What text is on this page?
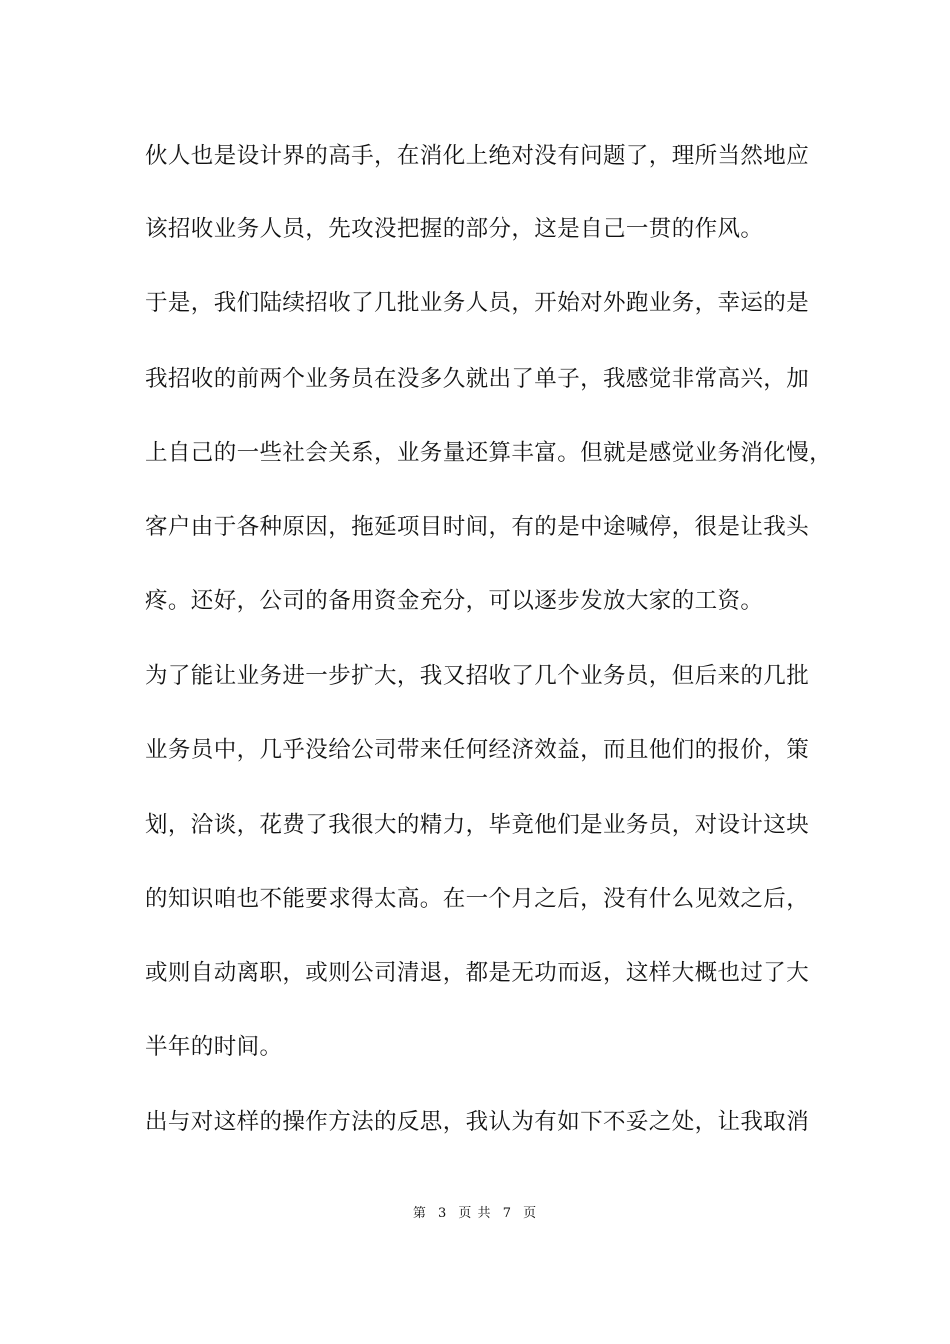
伙人也是设计界的高手，在消化上绝对没有问题了，理所当然地应
该招收业务人员，先攻没把握的部分，这是自己一贯的作风。
于是，我们陆续招收了几批业务人员，开始对外跑业务，幸运的是
我招收的前两个业务员在没多久就出了单子，我感觉非常高兴，加
上自己的一些社会关系，业务量还算丰富。但就是感觉业务消化慢，
客户由于各种原因，拖延项目时间，有的是中途喊停，很是让我头
疼。还好，公司的备用资金充分，可以逐步发放大家的工资。
为了能让业务进一步扩大，我又招收了几个业务员，但后来的几批
业务员中，几乎没给公司带来任何经济效益，而且他们的报价，策
划，洽谈，花费了我很大的精力，毕竟他们是业务员，对设计这块
的知识咱也不能要求得太高。在一个月之后，没有什么见效之后，
或则自动离职，或则公司清退，都是无功而返，这样大概也过了大
半年的时间。
出与对这样的操作方法的反思，我认为有如下不妥之处，让我取消
第 3 页 共 7 页
